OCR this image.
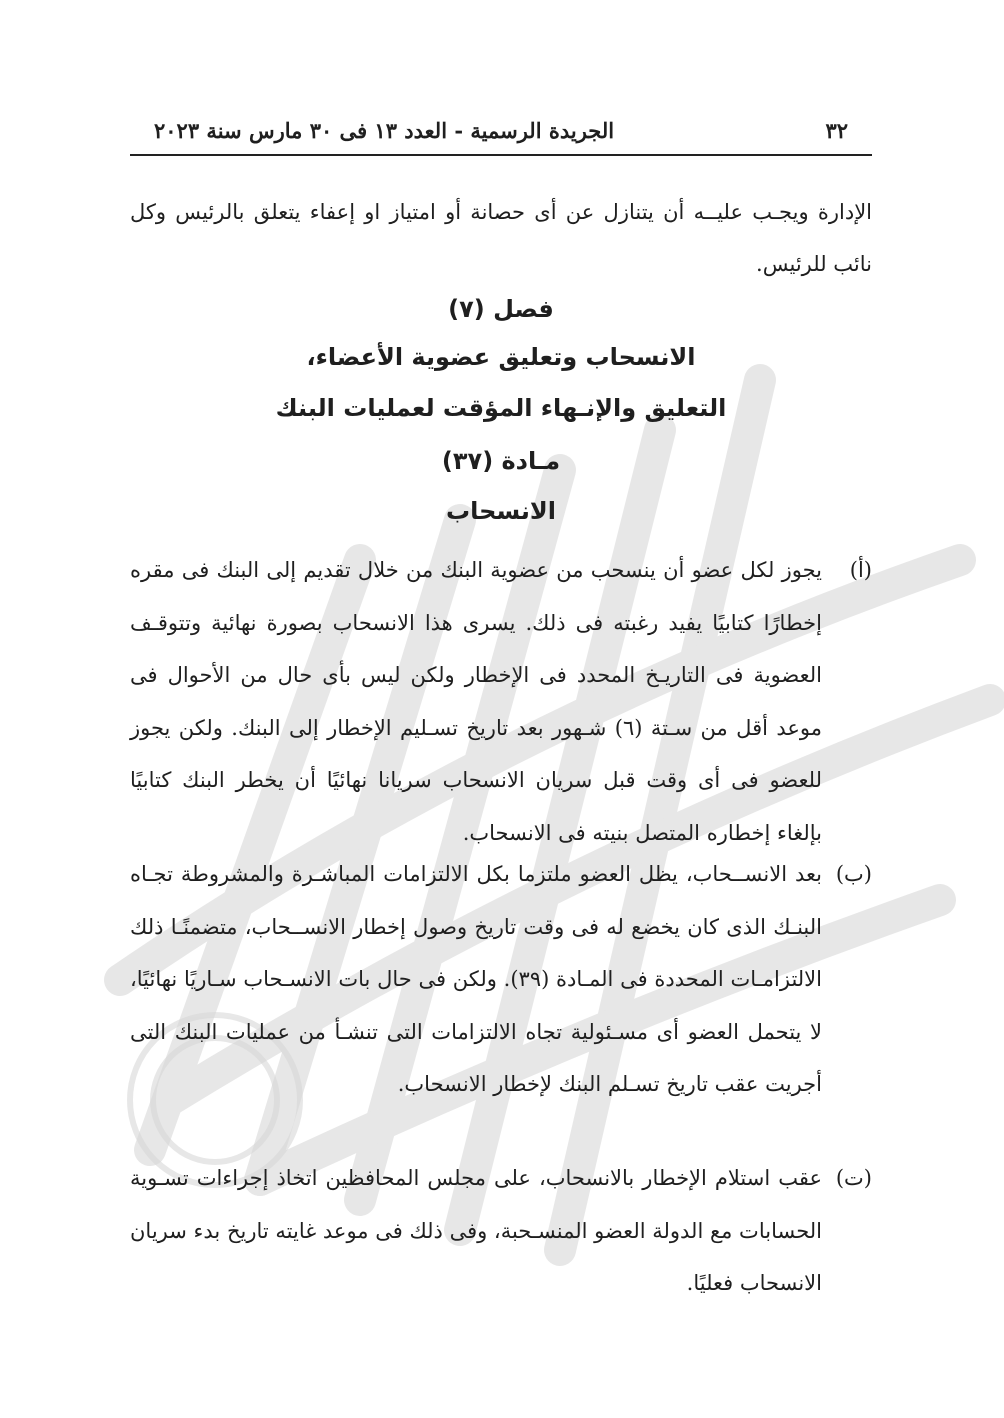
٣٢
الجريدة الرسمية - العدد ١٣ فى ٣٠ مارس سنة ٢٠٢٣
الإدارة ويجـب عليــه أن يتنازل عن أى حصانة أو امتياز او إعفاء يتعلق بالرئيس وكل نائب للرئيس.
فصل (٧)
الانسحاب وتعليق عضوية الأعضاء،
التعليق والإنـهاء المؤقت لعمليات البنك
مـادة (٣٧)
الانسحاب
(أ)
يجوز لكل عضو أن ينسحب من عضوية البنك من خلال تقديم إلى البنك فى مقره إخطارًا كتابيًا يفيد رغبته فى ذلك. يسرى هذا الانسحاب بصورة نهائية وتتوقـف العضوية فى التاريـخ المحدد فى الإخطار ولكن ليس بأى حال من الأحوال فى موعد أقل من سـتة (٦) شـهور بعد تاريخ تسـليم الإخطار إلى البنك. ولكن يجوز للعضو فى أى وقت قبل سريان الانسحاب سريانا نهائيًا أن يخطر البنك كتابيًا بإلغاء إخطاره المتصل بنيته فى الانسحاب.
(ب)
بعد الانســحاب، يظل العضو ملتزما بكل الالتزامات المباشـرة والمشروطة تجـاه البنـك الذى كان يخضع له فى وقت تاريخ وصول إخطار الانســحاب، متضمنًـا ذلك الالتزامـات المحددة فى المـادة (٣٩). ولكن فى حال بات الانسـحاب سـاريًا نهائيًا، لا يتحمل العضو أى مسـئولية تجاه الالتزامات التى تنشـأ من عمليات البنك التى أجريت عقب تاريخ تسـلم البنك لإخطار الانسحاب.
(ت)
عقب استلام الإخطار بالانسحاب، على مجلس المحافظين اتخاذ إجراءات تسـوية الحسابات مع الدولة العضو المنسـحبة، وفى ذلك فى موعد غايته تاريخ بدء سريان الانسحاب فعليًا.
